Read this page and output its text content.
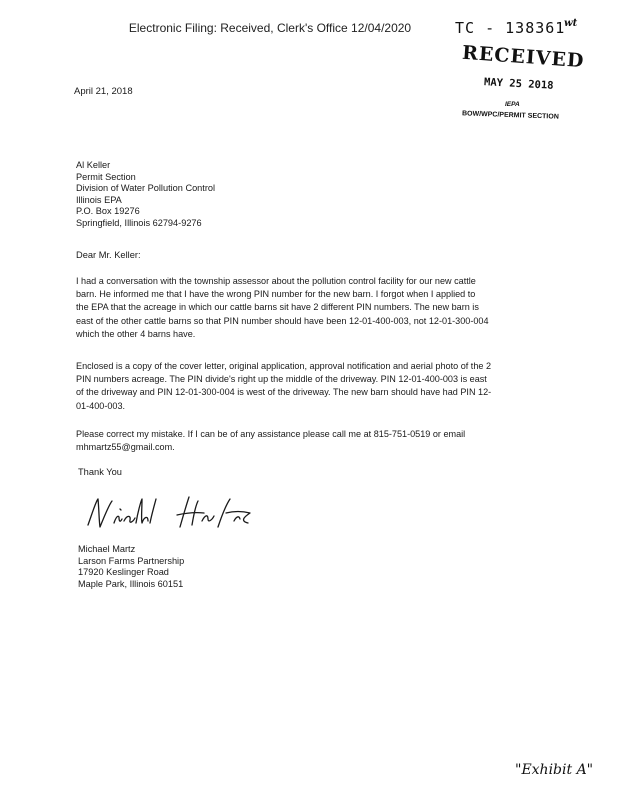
Electronic Filing: Received, Clerk's Office 12/04/2020	TC - 138361
wt
RECEIVED
MAY 25 2018
IEPA
BOW/WPC/PERMIT SECTION
April 21, 2018
Al Keller
Permit Section
Division of Water Pollution Control
Illinois EPA
P.O. Box 19276
Springfield, Illinois 62794-9276
Dear Mr. Keller:
I had a conversation with the township assessor about the pollution control facility for our new cattle
barn. He informed me that I have the wrong PIN number for the new barn. I forgot when I applied to
the EPA that the acreage in which our cattle barns sit have 2 different PIN numbers. The new barn is
east of the other cattle barns so that PIN number should have been 12-01-400-003, not 12-01-300-004
which the other 4 barns have.
Enclosed is a copy of the cover letter, original application, approval notification and aerial photo of the 2
PIN numbers acreage. The PIN divide's right up the middle of the driveway. PIN 12-01-400-003 is east
of the driveway and PIN 12-01-300-004 is west of the driveway. The new barn should have had PIN 12-
01-400-003.
Please correct my mistake. If I can be of any assistance please call me at 815-751-0519 or email
mhmartz55@gmail.com.
Thank You
Michael Martz
Larson Farms Partnership
17920 Keslinger Road
Maple Park, Illinois 60151
"Exhibit A"
